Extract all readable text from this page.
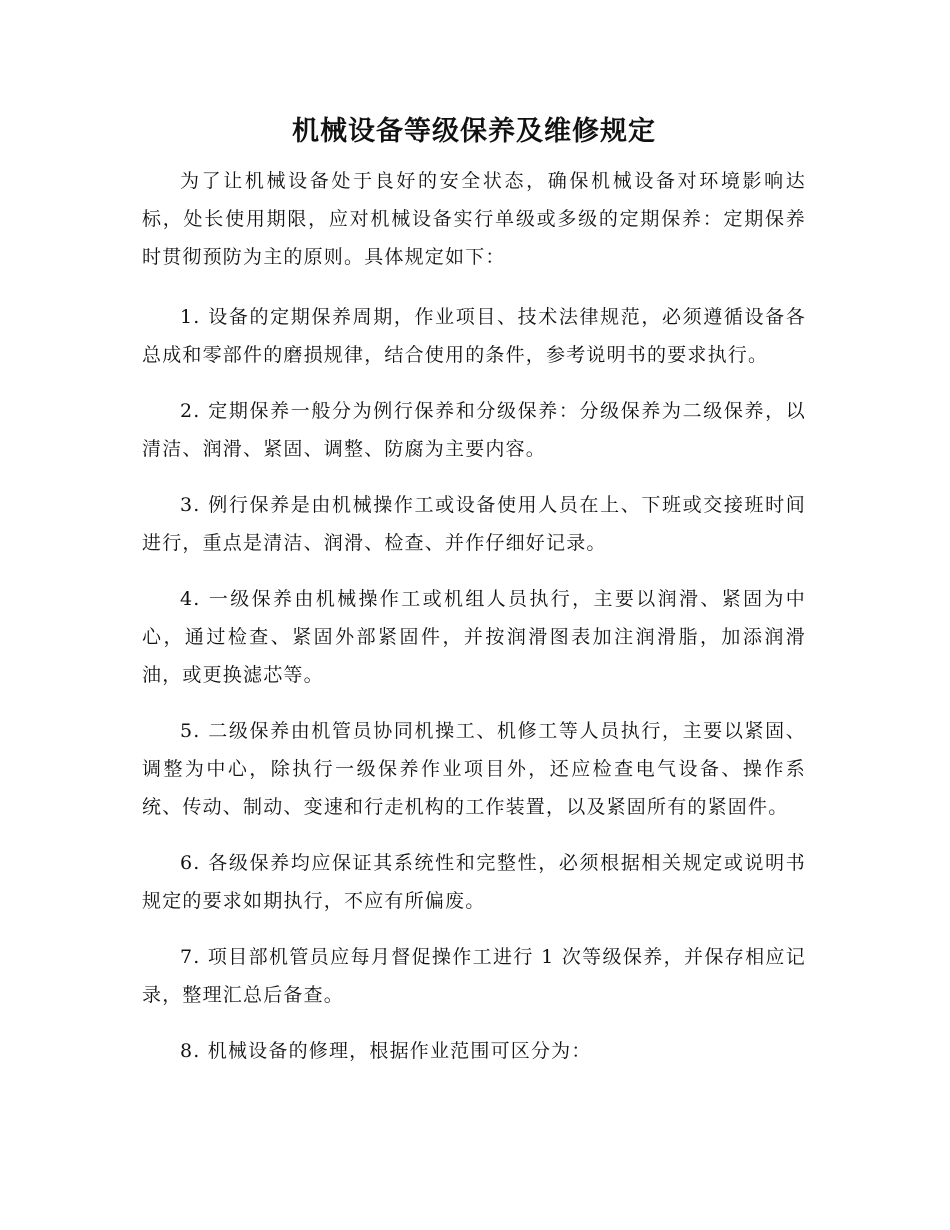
机械设备等级保养及维修规定

为了让机械设备处于良好的安全状态，确保机械设备对环境影响达标，处长使用期限，应对机械设备实行单级或多级的定期保养：定期保养时贯彻预防为主的原则。具体规定如下：

1. 设备的定期保养周期，作业项目、技术法律规范，必须遵循设备各总成和零部件的磨损规律，结合使用的条件，参考说明书的要求执行。

2. 定期保养一般分为例行保养和分级保养：分级保养为二级保养，以清洁、润滑、紧固、调整、防腐为主要内容。

3. 例行保养是由机械操作工或设备使用人员在上、下班或交接班时间进行，重点是清洁、润滑、检查、并作仔细好记录。

4. 一级保养由机械操作工或机组人员执行，主要以润滑、紧固为中心，通过检查、紧固外部紧固件，并按润滑图表加注润滑脂，加添润滑油，或更换滤芯等。

5. 二级保养由机管员协同机操工、机修工等人员执行，主要以紧固、调整为中心，除执行一级保养作业项目外，还应检查电气设备、操作系统、传动、制动、变速和行走机构的工作装置，以及紧固所有的紧固件。

6. 各级保养均应保证其系统性和完整性，必须根据相关规定或说明书规定的要求如期执行，不应有所偏废。

7. 项目部机管员应每月督促操作工进行 1 次等级保养，并保存相应记录，整理汇总后备查。

8. 机械设备的修理，根据作业范围可区分为：
